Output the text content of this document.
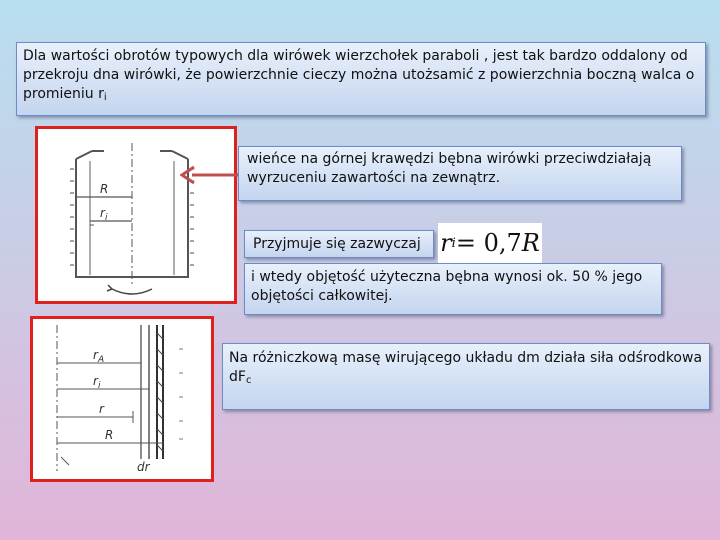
Dla wartości obrotów typowych dla wirówek wierzchołek paraboli , jest tak bardzo oddalony od przekroju dna wirówki, że powierzchnie cieczy można utożsamić z powierzchnia boczną walca o promieniu $r_i$
R
$r_i$
wieńce na górnej krawędzi bębna wirówki przeciwdziałają wyrzuceniu zawartości na zewnątrz.
Przyjmuje się zazwyczaj r i = 0,7 R
i wtedy objętość użyteczna bębna wynosi ok. 50 % jego objętości całkowitej.
$r_A$
$r_i$
r
R
dr
Na różniczkową masę wirującego układu dm działa siła odśrodkowa $dF_c$
